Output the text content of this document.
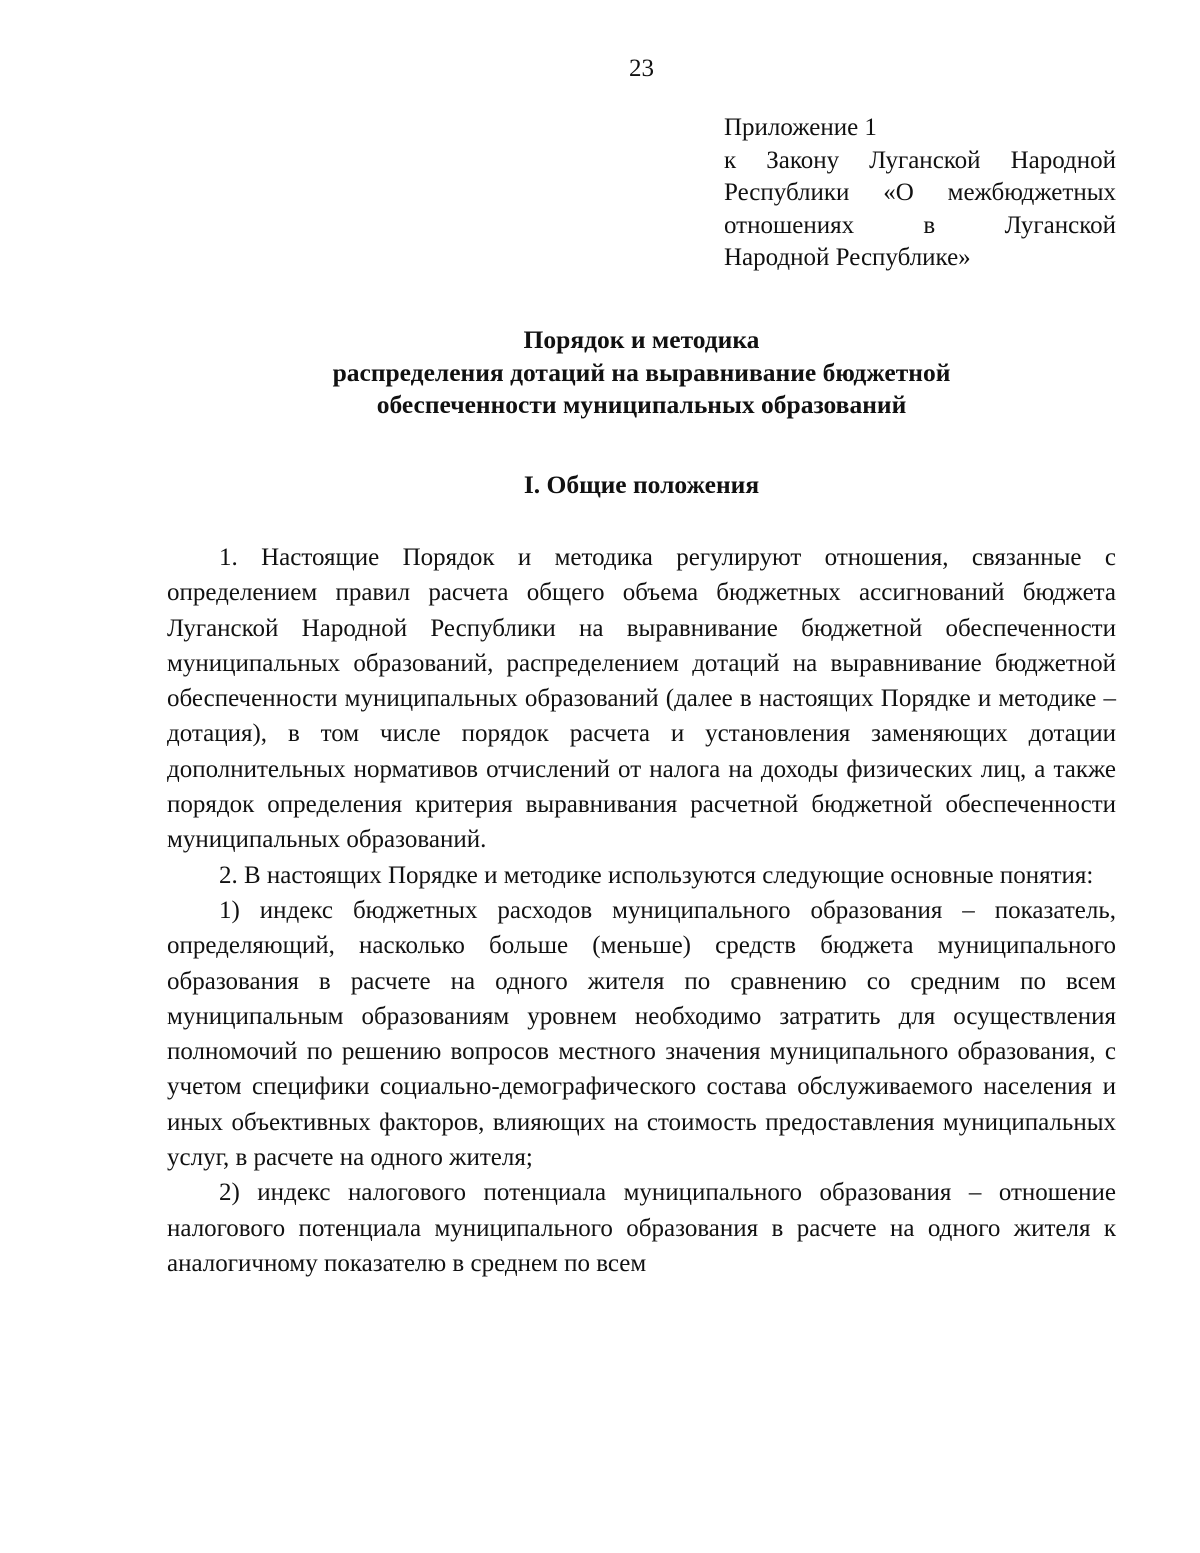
23
Приложение 1
к Закону Луганской Народной
Республики «О межбюджетных
отношениях в Луганской
Народной Республике»
Порядок и методика
распределения дотаций на выравнивание бюджетной
обеспеченности муниципальных образований
I. Общие положения

1. Настоящие Порядок и методика регулируют отношения, связанные с определением правил расчета общего объема бюджетных ассигнований бюджета Луганской Народной Республики на выравнивание бюджетной обеспеченности муниципальных образований, распределением дотаций на выравнивание бюджетной обеспеченности муниципальных образований (далее в настоящих Порядке и методике – дотация), в том числе порядок расчета и установления заменяющих дотации дополнительных нормативов отчислений от налога на доходы физических лиц, а также порядок определения критерия выравнивания расчетной бюджетной обеспеченности муниципальных образований.

2. В настоящих Порядке и методике используются следующие основные понятия:

1) индекс бюджетных расходов муниципального образования – показатель, определяющий, насколько больше (меньше) средств бюджета муниципального образования в расчете на одного жителя по сравнению со средним по всем муниципальным образованиям уровнем необходимо затратить для осуществления полномочий по решению вопросов местного значения муниципального образования, с учетом специфики социально-демографического состава обслуживаемого населения и иных объективных факторов, влияющих на стоимость предоставления муниципальных услуг, в расчете на одного жителя;

2) индекс налогового потенциала муниципального образования – отношение налогового потенциала муниципального образования в расчете на одного жителя к аналогичному показателю в среднем по всем
